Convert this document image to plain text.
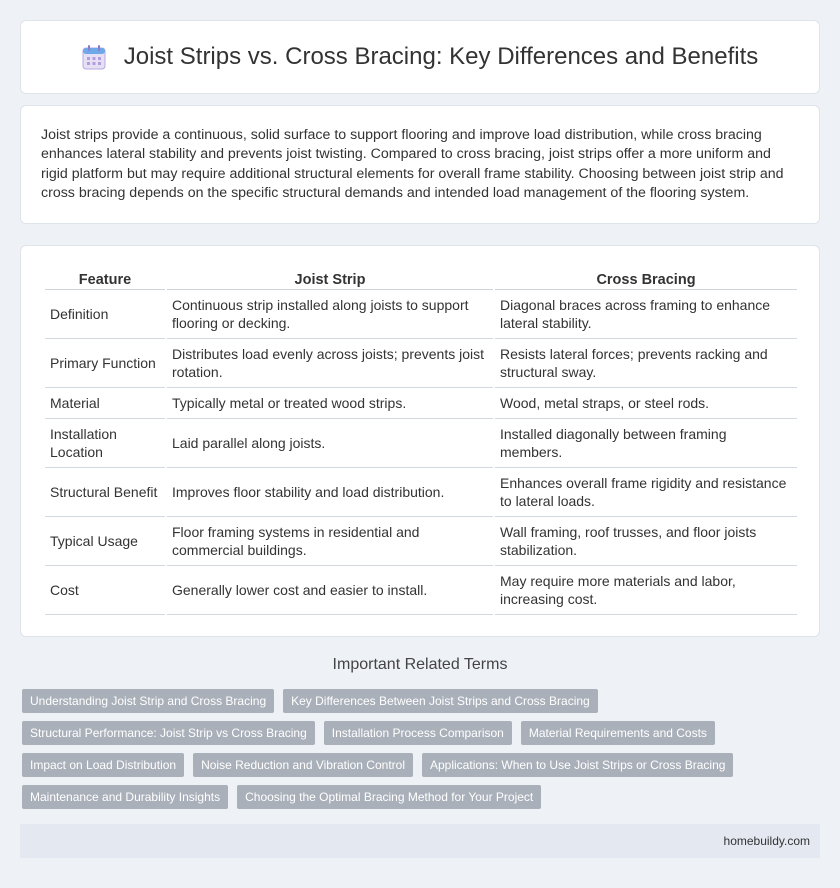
Joist Strips vs. Cross Bracing: Key Differences and Benefits

Joist strips provide a continuous, solid surface to support flooring and improve load distribution, while cross bracing enhances lateral stability and prevents joist twisting. Compared to cross bracing, joist strips offer a more uniform and rigid platform but may require additional structural elements for overall frame stability. Choosing between joist strip and cross bracing depends on the specific structural demands and intended load management of the flooring system.

Feature	Joist Strip	Cross Bracing
Definition	Continuous strip installed along joists to support flooring or decking.	Diagonal braces across framing to enhance lateral stability.
Primary Function	Distributes load evenly across joists; prevents joist rotation.	Resists lateral forces; prevents racking and structural sway.
Material	Typically metal or treated wood strips.	Wood, metal straps, or steel rods.
Installation Location	Laid parallel along joists.	Installed diagonally between framing members.
Structural Benefit	Improves floor stability and load distribution.	Enhances overall frame rigidity and resistance to lateral loads.
Typical Usage	Floor framing systems in residential and commercial buildings.	Wall framing, roof trusses, and floor joists stabilization.
Cost	Generally lower cost and easier to install.	May require more materials and labor, increasing cost.
Important Related Terms
Understanding Joist Strip and Cross Bracing	Key Differences Between Joist Strips and Cross Bracing
Structural Performance: Joist Strip vs Cross Bracing	Installation Process Comparison	Material Requirements and Costs
Impact on Load Distribution	Noise Reduction and Vibration Control	Applications: When to Use Joist Strips or Cross Bracing
Maintenance and Durability Insights	Choosing the Optimal Bracing Method for Your Project
homebuildy.com
